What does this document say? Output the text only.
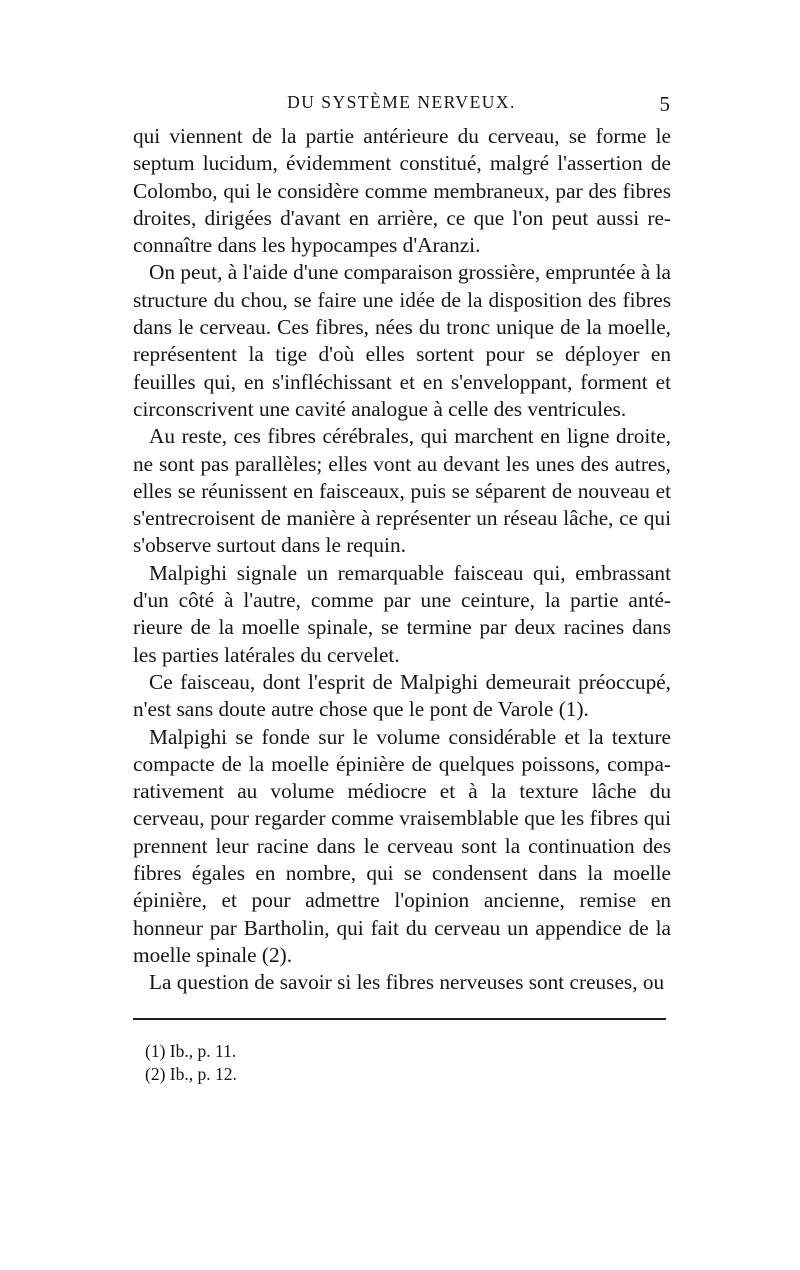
DU SYSTÈME NERVEUX.	5

qui viennent de la partie antérieure du cerveau, se forme le septum lucidum, évidemment constitué, malgré l'assertion de Colombo, qui le considère comme membraneux, par des fibres droites, dirigées d'avant en arrière, ce que l'on peut aussi re- connaître dans les hypocampes d'Aranzi.

On peut, à l'aide d'une comparaison grossière, empruntée à la structure du chou, se faire une idée de la disposition des fibres dans le cerveau. Ces fibres, nées du tronc unique de la moelle, représentent la tige d'où elles sortent pour se déployer en feuilles qui, en s'infléchissant et en s'enveloppant, forment et circonscrivent une cavité analogue à celle des ventricules.

Au reste, ces fibres cérébrales, qui marchent en ligne droite, ne sont pas parallèles; elles vont au devant les unes des autres, elles se réunissent en faisceaux, puis se séparent de nouveau et s'entrecroisent de manière à représenter un réseau lâche, ce qui s'observe surtout dans le requin.

Malpighi signale un remarquable faisceau qui, embrassant d'un côté à l'autre, comme par une ceinture, la partie anté- rieure de la moelle spinale, se termine par deux racines dans les parties latérales du cervelet.

Ce faisceau, dont l'esprit de Malpighi demeurait préoccupé, n'est sans doute autre chose que le pont de Varole (1).

Malpighi se fonde sur le volume considérable et la texture compacte de la moelle épinière de quelques poissons, compa- rativement au volume médiocre et à la texture lâche du cerveau, pour regarder comme vraisemblable que les fibres qui prennent leur racine dans le cerveau sont la continuation des fibres égales en nombre, qui se condensent dans la moelle épinière, et pour admettre l'opinion ancienne, remise en honneur par Bartholin, qui fait du cerveau un appendice de la moelle spinale (2).

La question de savoir si les fibres nerveuses sont creuses, ou

(1) Ib., p. 11.
(2) Ib., p. 12.
